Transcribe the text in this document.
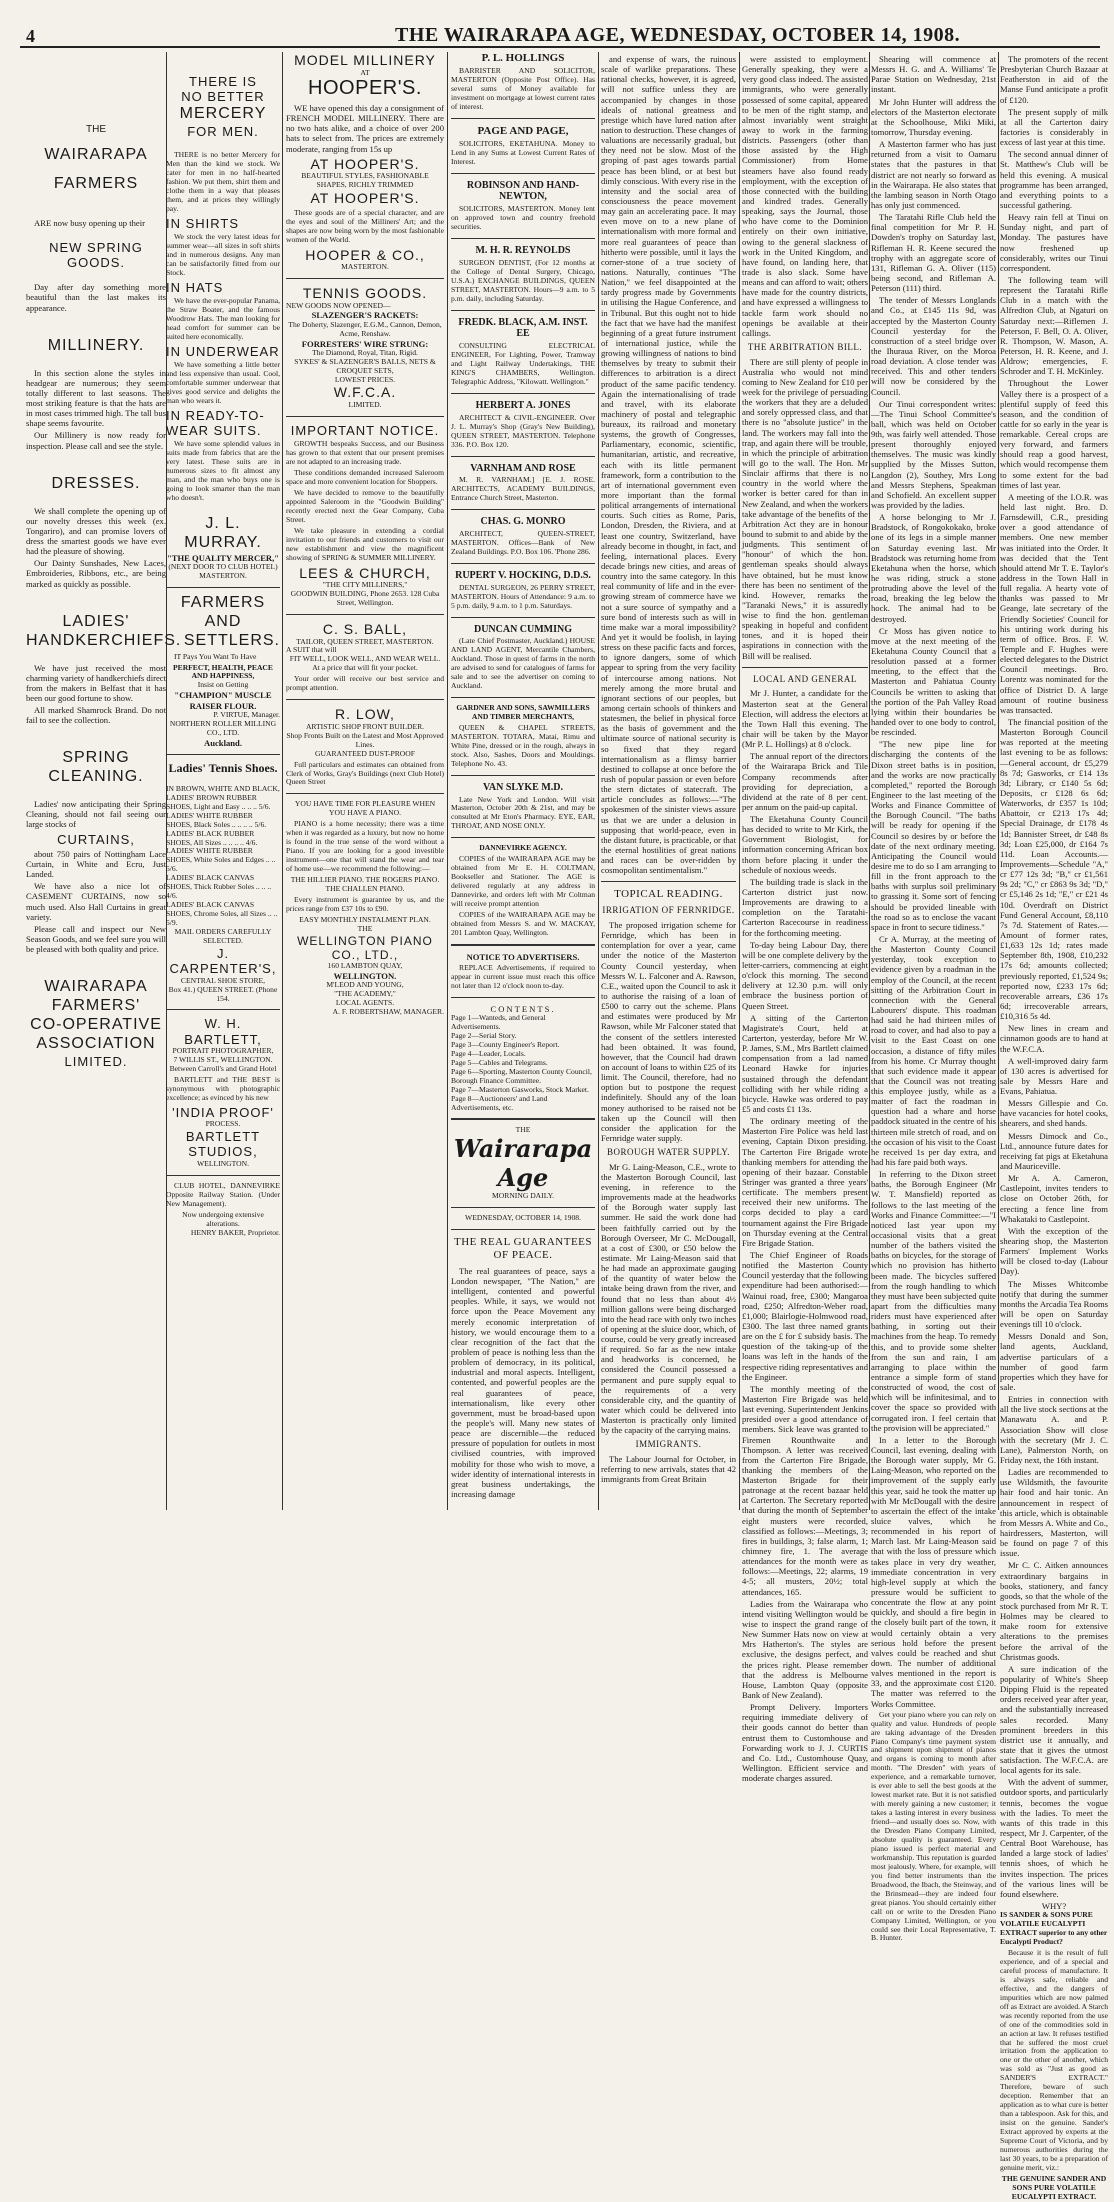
4	THE WAIRARAPA AGE, WEDNESDAY, OCTOBER 14, 1908.
THE
WAIRARAPA
FARMERS

ARE now busy opening up their

NEW SPRING GOODS.

Day after day something more beautiful than the last makes its appearance.

MILLINERY.

In this section alone the styles in headgear are numerous; they seem totally different to last seasons. The most striking feature is that the hats are in most cases trimmed high. The tall bus shape seems favourite.

Our Millinery is now ready for inspection. Please call and see the style.

DRESSES.

We shall complete the opening up of our novelty dresses this week (ex. Tongariro), and can promise lovers of dress the smartest goods we have ever had the pleasure of showing.

Our Dainty Sunshades, New Laces, Embroideries, Ribbons, etc., are being marked as quickly as possible.

LADIES'
HANDKERCHIEFS.

We have just received the most charming variety of handkerchiefs direct from the makers in Belfast that it has been our good fortune to show.

All marked Shamrock Brand. Do not fail to see the collection.

SPRING CLEANING.

Ladies' now anticipating their Spring Cleaning, should not fail seeing our large stocks of

CURTAINS,

about 750 pairs of Nottingham Lace Curtain, in White and Ecru, Just Landed.

We have also a nice lot of CASEMENT CURTAINS, now so much used. Also Hall Curtains in great variety.

Please call and inspect our New Season Goods, and we feel sure you will be pleased with both quality and price.

WAIRARAPA
FARMERS'
CO-OPERATIVE
ASSOCIATION
LIMITED.
THERE IS
NO BETTER
MERCERY
FOR MEN.

THERE is no better Mercery for Men than the kind we stock. We cater for men in no half-hearted fashion. We put them, shirt them and clothe them in a way that pleases them, and at prices they willingly pay.

IN SHIRTS

We stock the very latest ideas for summer wear—all sizes in soft shirts and in numerous designs. Any man can be satisfactorily fitted from our Stock.

IN HATS

We have the ever-popular Panama, the Straw Boater, and the famous Woodrow Hats. The man looking for head comfort for summer can be suited here economically.

IN UNDERWEAR

We have something a little better and less expensive than usual. Cool, comfortable summer underwear that gives good service and delights the man who wears it.

IN READY-TO-WEAR SUITS.

We have some splendid values in suits made from fabrics that are the very latest. These suits are in numerous sizes to fit almost any man, and the man who buys one is going to look smarter than the man who doesn't.

J. L. MURRAY.
"THE QUALITY MERCER,"
(NEXT DOOR TO CLUB HOTEL)
MASTERTON.
FARMERS AND
SETTLERS.

IT Pays You Want To Have

PERFECT, HEALTH, PEACE AND HAPPINESS,
Insist on Getting
"CHAMPION" MUSCLE RAISER FLOUR.
P. VIRTUE, Manager.
NORTHERN ROLLER MILLING CO., LTD.
Auckland.
Ladies' Tennis Shoes.
IN BROWN, WHITE AND BLACK,
LADIES' BROWN RUBBER SHOES, Light and Easy .. .. .. 5/6.
LADIES' WHITE RUBBER SHOES, Black Soles .. .. .. .. 5/6.
LADIES' BLACK RUBBER SHOES, All Sizes .. .. .. .. 4/6.
LADIES' WHITE RUBBER SHOES, White Soles and Edges .. .. 5/6.
LADIES' BLACK CANVAS SHOES, Thick Rubber Soles .. .. .. 4/6.
LADIES' BLACK CANVAS SHOES, Chrome Soles, all Sizes .. .. 5/9.
MAIL ORDERS CAREFULLY SELECTED.
J. CARPENTER'S,
CENTRAL SHOE STORE,
Box 41.) QUEEN STREET. (Phone 154.
W. H. BARTLETT,
PORTRAIT PHOTOGRAPHER,
7 WILLIS ST., WELLINGTON.
Between Carroll's and Grand Hotel

BARTLETT and THE BEST is synonymous with photographic excellence; as evinced by his new

'INDIA PROOF'
PROCESS.
BARTLETT
STUDIOS,
WELLINGTON.

CLUB HOTEL, DANNEVIRKE Opposite Railway Station. (Under New Management).

Now undergoing extensive alterations.
HENRY BAKER, Proprietor.
MODEL MILLINERY
AT
HOOPER'S.

WE have opened this day a consignment of FRENCH MODEL MILLINERY. There are no two hats alike, and a choice of over 200 hats to select from. The prices are extremely moderate, ranging from 15s up

AT HOOPER'S.
BEAUTIFUL STYLES, FASHIONABLE SHAPES, RICHLY TRIMMED
AT HOOPER'S.

These goods are of a special character, and are the eyes and soul of the Milliners' Art; and the shapes are now being worn by the most fashionable women of the World.

HOOPER & CO.,
MASTERTON.
TENNIS GOODS.
NEW GOODS NOW OPENED—
SLAZENGER'S RACKETS:
The Doherty, Slazenger, E.G.M., Cannon, Demon, Acme, Renshaw.
FORRESTERS' WIRE STRUNG:
The Diamond, Royal, Titan, Rigid.
SYKES' & SLAZENGER'S BALLS, NETS & CROQUET SETS,
LOWEST PRICES.
W.F.C.A.
LIMITED.
IMPORTANT NOTICE.

GROWTH bespeaks Success, and our Business has grown to that extent that our present premises are not adapted to an increasing trade.

These conditions demanded increased Saleroom space and more convenient location for Shoppers.

We have decided to remove to the beautifully appointed Saleroom in the "Goodwin Building" recently erected next the Gear Company, Cuba Street.

We take pleasure in extending a cordial invitation to our friends and customers to visit our new establishment and view the magnificent showing of SPRING & SUMMER MILLINERY.

LEES & CHURCH,
"THE CITY MILLINERS,"
GOODWIN BUILDING, Phone 2653. 128 Cuba Street, Wellington.
C. S. BALL,
TAILOR, QUEEN STREET, MASTERTON.
A SUIT that will
FIT WELL, LOOK WELL, AND WEAR WELL.
At a price that will fit your pocket.

Your order will receive our best service and prompt attention.

R. LOW,
ARTISTIC SHOP FRONT BUILDER.
Shop Fronts Built on the Latest and Most Approved Lines.
GUARANTEED DUST-PROOF

Full particulars and estimates can obtained from Clerk of Works, Gray's Buildings (next Club Hotel) Queen Street

YOU HAVE TIME FOR PLEASURE WHEN YOU HAVE A PIANO.

PIANO is a home necessity; there was a time when it was regarded as a luxury, but now no home is found in the true sense of the word without a Piano. If you are looking for a good investible instrument—one that will stand the wear and tear of home use—we recommend the following:—

THE HILLIER PIANO. THE ROGERS PIANO. THE CHALLEN PIANO.

Every instrument is guarantee by us, and the prices range from £37 10s to £90.

EASY MONTHLY INSTALMENT PLAN.
THE
WELLINGTON PIANO CO., LTD.,
160 LAMBTON QUAY,
WELLINGTON.
M'LEOD AND YOUNG,
"THE ACADEMY,"
LOCAL AGENTS.
A. F. ROBERTSHAW, MANAGER.
P. L. HOLLINGS

BARRISTER AND SOLICITOR, MASTERTON (Opposite Post Office). Has several sums of Money available for investment on mortgage at lowest current rates of interest.

PAGE AND PAGE,

SOLICITORS, EKETAHUNA. Money to Lend in any Sums at Lowest Current Rates of Interest.

ROBINSON AND HAND-NEWTON,

SOLICITORS, MASTERTON. Money lent on approved town and country freehold securities.

M. H. R. REYNOLDS

SURGEON DENTIST, (For 12 months at the College of Dental Surgery, Chicago, U.S.A.) EXCHANGE BUILDINGS, QUEEN STREET, MASTERTON. Hours—9 a.m. to 5 p.m. daily, including Saturday.

FREDK. BLACK, A.M. INST. EE

CONSULTING ELECTRICAL ENGINEER, For Lighting, Power, Tramway and Light Railway Undertakings, THE KING'S CHAMBERS, Wellington. Telegraphic Address, "Kilowatt. Wellington."

HERBERT A. JONES

ARCHITECT & CIVIL-ENGINEER. Over J. L. Murray's Shop (Gray's New Building), QUEEN STREET, MASTERTON. Telephone 336. P.O. Box 120.

VARNHAM AND ROSE

M. R. VARNHAM.] [E. J. ROSE. ARCHITECTS, ACADEMY BUILDINGS, Entrance Church Street, Masterton.

CHAS. G. MONRO

ARCHITECT, QUEEN-STREET, MASTERTON. Offices—Bank of New Zealand Buildings. P.O. Box 106. 'Phone 286.

RUPERT V. HOCKING, D.D.S.

DENTAL SURGEON, 26 PERRY STREET, MASTERTON. Hours of Attendance: 9 a.m. to 5 p.m. daily, 9 a.m. to 1 p.m. Saturdays.

DUNCAN CUMMING

(Late Chief Postmaster, Auckland.) HOUSE AND LAND AGENT, Mercantile Chambers, Auckland. Those in quest of farms in the north are advised to send for catalogues of farms for sale and to see the advertiser on coming to Auckland.

GARDNER AND SONS, SAWMILLERS AND TIMBER MERCHANTS,

QUEEN & CHAPEL STREETS, MASTERTON. TOTARA, Matai, Rimu and White Pine, dressed or in the rough, always in stock. Also, Sashes, Doors and Mouldings. Telephone No. 43.

VAN SLYKE M.D.

Late New York and London. Will visit Masterton, October 20th & 21st, and may be consulted at Mr Eton's Pharmacy. EYE, EAR, THROAT, AND NOSE ONLY.

DANNEVIRKE AGENCY.

COPIES of the WAIRARAPA AGE may be obtained from Mr E. H. COLTMAN, Bookseller and Stationer. The AGE is delivered regularly at any address in Dannevirke, and orders left with Mr Coltman will receive prompt attention

COPIES of the WAIRARAPA AGE may be obtained from Messrs S. and W. MACKAY, 201 Lambton Quay, Wellington.

NOTICE TO ADVERTISERS.

REPLACE Advertisements, if required to appear in current issue must reach this office not later than 12 o'clock noon to-day.

CONTENTS.
Page 1—Wanteds, and General Advertisements.
Page 2—Serial Story.
Page 3—County Engineer's Report.
Page 4—Leader, Locals.
Page 5—Cables and Telegrams.
Page 6—Sporting, Masterton County Council, Borough Finance Committee.
Page 7—Masterton Gasworks, Stock Market.
Page 8—Auctioneers' and Land Advertisements, etc.
THE
Wairarapa Age
MORNING DAILY.
WEDNESDAY, OCTOBER 14, 1908.
THE REAL GUARANTEES OF PEACE.

The real guarantees of peace, says a London newspaper, "The Nation," are intelligent, contented and powerful peoples. While, it says, we would not force upon the Peace Movement any merely economic interpretation of history, we would encourage them to a clear recognition of the fact that the problem of peace is nothing less than the problem of democracy, in its political, industrial and moral aspects. Intelligent, contented, and powerful peoples are the real guarantees of peace, internationalism, like every other government, must be broad-based upon the people's will. Many new states of peace are discernible—the reduced pressure of population for outlets in most civilised countries, with improved mobility for those who wish to move, a wider identity of international interests in great business undertakings, the increasing damage

and expense of wars, the ruinous scale of warlike preparations. These rational checks, however, it is agreed, will not suffice unless they are accompanied by changes in those ideals of national greatness and prestige which have lured nation after nation to destruction. These changes of valuations are necessarily gradual, but they need not be slow. Most of the groping of past ages towards partial peace has been blind, or at best but dimly conscious. With every rise in the intensity and the social area of consciousness the peace movement may gain an accelerating pace. It may even move on to a new plane of internationalism with more formal and more real guarantees of peace than hitherto were possible, until it lays the corner-stone of a true society of nations. Naturally, continues "The Nation," we feel disappointed at the tardy progress made by Governments in utilising the Hague Conference, and in Tribunal. But this ought not to hide the fact that we have had the manifest beginning of a great future instrument of international justice, while the growing willingness of nations to bind themselves by treaty to submit their differences to arbitration is a direct product of the same pacific tendency. Again the internationalising of trade and travel, with its elaborate machinery of postal and telegraphic bureaux, its railroad and monetary systems, the growth of Congresses, Parliamentary, economic, scientific, humanitarian, artistic, and recreative, each with its little permanent framework, form a contribution to the art of international government even more important than the formal political arrangements of international courts. Such cities as Rome, Paris, London, Dresden, the Riviera, and at least one country, Switzerland, have already become in thought, in fact, and feeling, international places. Every decade brings new cities, and areas of country into the same category. In this real community of life and in the ever-growing stream of commerce have we not a sure source of sympathy and a sure bond of interests such as will in time make war a moral impossibility? And yet it would be foolish, in laying stress on these pacific facts and forces, to ignore dangers, some of which appear to spring from the very facility of intercourse among nations. Not merely among the more brutal and ignorant sections of our peoples, but among certain schools of thinkers and statesmen, the belief in physical force as the basis of government and the ultimate source of national security is so fixed that they regard internationalism as a flimsy barrier destined to collapse at once before the rush of popular passion or even before the stern dictates of statecraft. The article concludes as follows:—"The spokesmen of the sinister views assure us that we are under a delusion in supposing that world-peace, even in the distant future, is practicable, or that the eternal hostilities of great nations and races can be over-ridden by cosmopolitan sentimentalism."

TOPICAL READING.
IRRIGATION OF FERNRIDGE.

The proposed irrigation scheme for Fernridge, which has been in contemplation for over a year, came under the notice of the Masterton County Council yesterday, when Messrs W. L. Falconer and A. Rawson, C.E., waited upon the Council to ask it to authorise the raising of a loan of £500 to carry out the scheme. Plans and estimates were produced by Mr Rawson, while Mr Falconer stated that the consent of the settlers interested had been obtained. It was found, however, that the Council had drawn on account of loans to within £25 of its limit. The Council, therefore, had no option but to postpone the request indefinitely. Should any of the loan money authorised to be raised not be taken up the Council will then consider the application for the Fernridge water supply.

BOROUGH WATER SUPPLY.

Mr G. Laing-Meason, C.E., wrote to the Masterton Borough Council, last evening, in reference to the improvements made at the headworks of the Borough water supply last summer. He said the work done had been faithfully carried out by the Borough Overseer, Mr C. McDougall, at a cost of £300, or £50 below the estimate. Mr Laing-Meason said that he had made an approximate gauging of the quantity of water below the intake being drawn from the river, and found that no less than about 4½ million gallons were being discharged into the head race with only two inches of opening at the sluice door, which, of course, could be very greatly increased if required. So far as the new intake and headworks is concerned, he considered the Council possessed a permanent and pure supply equal to the requirements of a very considerable city, and the quantity of water which could be delivered into Masterton is practically only limited by the capacity of the carrying mains.

IMMIGRANTS.

The Labour Journal for October, in referring to new arrivals, states that 42 immigrants from Great Britain

were assisted to employment. Generally speaking, they were a very good class indeed. The assisted immigrants, who were generally possessed of some capital, appeared to be men of the right stamp, and almost invariably went straight away to work in the farming districts. Passengers (other than those assisted by the High Commissioner) from Home steamers have also found ready employment, with the exception of those connected with the building and kindred trades. Generally speaking, says the Journal, those who have come to the Dominion entirely on their own initiative, owing to the general slackness of work in the United Kingdom, and have found, on landing here, that trade is also slack. Some have means and can afford to wait; others have made for the country districts, and have expressed a willingness to tackle farm work should no openings be available at their callings.

THE ARBITRATION BILL.

There are still plenty of people in Australia who would not mind coming to New Zealand for £10 per week for the privilege of persuading the workers that they are a deluded and sorely oppressed class, and that there is no "absolute justice" in the land. The workers may fall into the trap, and again there will be trouble, in which the principle of arbitration will go to the wall. The Hon. Mr Sinclair affirms that there is no country in the world where the worker is better cared for than in New Zealand, and when the workers take advantage of the benefits of the Arbitration Act they are in honour bound to submit to and abide by the judgments. This sentiment of "honour" of which the hon. gentleman speaks should always have obtained, but he must know there has been no sentiment of the kind. However, remarks the "Taranaki News," it is assuredly wise to find the hon. gentleman speaking in hopeful and confident tones, and it is hoped their aspirations in connection with the Bill will be realised.

LOCAL AND GENERAL

Mr J. Hunter, a candidate for the Masterton seat at the General Election, will address the electors at the Town Hall this evening. The chair will be taken by the Mayor (Mr P. L. Hollings) at 8 o'clock.

The annual report of the directors of the Wairarapa Brick and Tile Company recommends after providing for depreciation, a dividend at the rate of 8 per cent. per annum on the paid-up capital.

The Eketahuna County Council has decided to write to Mr Kirk, the Government Biologist, for information concerning African box thorn before placing it under the schedule of noxious weeds.

The building trade is slack in the Carterton district just now. Improvements are drawing to a completion on the Taratahi-Carterton Racecourse in readiness for the forthcoming meeting.

To-day being Labour Day, there will be one complete delivery by the letter-carriers, commencing at eight o'clock this morning. The second delivery at 12.30 p.m. will only embrace the business portion of Queen Street.

A sitting of the Carterton Magistrate's Court, held at Carterton, yesterday, before Mr W. P. James, S.M., Mrs Bartlett claimed compensation from a lad named Leonard Hawke for injuries sustained through the defendant colliding with her while riding a bicycle. Hawke was ordered to pay £5 and costs £1 13s.

The ordinary meeting of the Masterton Fire Police was held last evening, Captain Dixon presiding. The Carterton Fire Brigade wrote thanking members for attending the opening of their bazaar. Constable Stringer was granted a three years' certificate. The members present received their new uniforms. The corps decided to play a card tournament against the Fire Brigade on Thursday evening at the Central Fire Brigade Station.

The Chief Engineer of Roads notified the Masterton County Council yesterday that the following expenditure had been authorised:—Wainui road, free, £300; Mangaroa road, £250; Alfredton-Weber road, £1,000; Blairlogie-Holmwood road, £300. The last three named grants are on the £ for £ subsidy basis. The question of the taking-up of the loans was left in the hands of the respective riding representatives and the Engineer.

The monthly meeting of the Masterton Fire Brigade was held last evening. Superintendent Jenkins presided over a good attendance of members. Sick leave was granted to Firemen Rounthwaite and Thompson. A letter was received from the Carterton Fire Brigade, thanking the members of the Masterton Brigade for their patronage at the recent bazaar held at Carterton. The Secretary reported that during the month of September eight musters were recorded, classified as follows:—Meetings, 3; fires in buildings, 3; false alarm, 1; chimney fire, 1. The average attendances for the month were as follows:—Meetings, 22; alarms, 19 4-5; all musters, 20½; total attendances, 165.

Ladies from the Wairarapa who intend visiting Wellington would be wise to inspect the grand range of New Summer Hats now on view at Mrs Hatherton's. The styles are exclusive, the designs perfect, and the prices right. Please remember that the address is Melbourne House, Lambton Quay (opposite Bank of New Zealand).

Prompt Delivery. Importers requiring immediate delivery of their goods cannot do better than entrust them to Customhouse and Forwarding work to J. J. CURTIS and Co. Ltd., Customhouse Quay, Wellington. Efficient service and moderate charges assured.

Shearing will commence at Messrs H. G. and A. Williams' Te Parae Station on Wednesday, 21st instant.

Mr John Hunter will address the electors of the Masterton electorate at the Schoolhouse, Miki Miki, tomorrow, Thursday evening.

A Masterton farmer who has just returned from a visit to Oamaru states that the pastures in that district are not nearly so forward as in the Wairarapa. He also states that the lambing season in North Otago has only just commenced.

The Taratahi Rifle Club held the final competition for Mr P. H. Dowden's trophy on Saturday last, Rifleman H. R. Keene secured the trophy with an aggregate score of 131, Rifleman G. A. Oliver (115) being second, and Rifleman A. Peterson (111) third.

The tender of Messrs Longlands and Co., at £145 11s 9d, was accepted by the Masterton County Council yesterday for the construction of a steel bridge over the Ihuraua River, on the Moroa road deviation. A close tender was received. This and other tenders will now be considered by the Council.

Our Tinui correspondent writes:—The Tinui School Committee's ball, which was held on October 9th, was fairly well attended. Those present thoroughly enjoyed themselves. The music was kindly supplied by the Misses Sutton, Langdon (2), Southey, Mrs Long and Messrs Stephens, Speakman and Schofield. An excellent supper was provided by the ladies.

A horse belonging to Mr J. Bradstock, of Rongokokako, broke one of its legs in a simple manner on Saturday evening last. Mr Bradstock was returning home from Eketahuna when the horse, which he was riding, struck a stone protruding above the level of the road, breaking the leg below the hock. The animal had to be destroyed.

Cr Moss has given notice to move at the next meeting of the Eketahuna County Council that a resolution passed at a former meeting, to the effect that the Masterton and Pahiatua County Councils be written to asking that the portion of the Pah Valley Road lying within their boundaries be handed over to one body to control, be rescinded.

"The new pipe line for discharging the contents of the Dixon street baths is in position, and the works are now practically completed," reported the Borough Engineer to the last meeting of the Works and Finance Committee of the Borough Council. "The baths will be ready for opening if the Council so desires by or before the date of the next ordinary meeting. Anticipating the Council would desire me to do so I am arranging to fill in the front approach to the baths with surplus soil preliminary to grassing it. Some sort of fencing should be provided lineable with the road so as to enclose the vacant space in front to secure tidiness."

Cr A. Murray, at the meeting of the Masterton County Council yesterday, took exception to evidence given by a roadman in the employ of the Council, at the recent sitting of the Arbitration Court in connection with the General Labourers' dispute. This roadman had said he had thirteen miles of road to cover, and had also to pay a visit to the East Coast on one occasion, a distance of fifty miles from his home. Cr Murray thought that such evidence made it appear that the Council was not treating this employee justly, while as a matter of fact the roadman in question had a whare and horse paddock situated in the centre of his thirteen mile stretch of road, and on the occasion of his visit to the Coast he received 1s per day extra, and had his fare paid both ways.

In referring to the Dixon street baths, the Borough Engineer (Mr W. T. Mansfield) reported as follows to the last meeting of the Works and Finance Committee:—"I noticed last year upon my occasional visits that a great number of the bathers visited the baths on bicycles, for the storage of which no provision has hitherto been made. The bicycles suffered from the rough handling to which they must have been subjected quite apart from the difficulties many riders must have experienced after bathing, in sorting out their machines from the heap. To remedy this, and to provide some shelter from the sun and rain, I am arranging to place within the entrance a simple form of stand constructed of wood, the cost of which will be infinitesimal, and to cover the space so provided with corrugated iron. I feel certain that the provision will be appreciated."

In a letter to the Borough Council, last evening, dealing with the Borough water supply, Mr G. Laing-Meason, who reported on the improvement of the supply early this year, said he took the matter up with Mr McDougall with the desire to ascertain the effect of the intake sluice valves, which he recommended in his report of March last. Mr Laing-Meason said that with the loss of pressure which takes place in very dry weather, immediate concentration in very high-level supply at which the pressure would be sufficient to concentrate the flow at any point quickly, and should a fire begin in the closely built part of the town, it would certainly obtain a very serious hold before the present valves could be reached and shut down. The number of additional valves mentioned in the report is 33, and the approximate cost £120. The matter was referred to the Works Committee.

Get your piano where you can rely on quality and value. Hundreds of people are taking advantage of the Dresden Piano Company's time payment system and shipment upon shipment of pianos and organs is coming to month after month. "The Dresden" with years of experience, and a remarkable turnover, is ever able to sell the best goods at the lowest market rate. But it is not satisfied with merely gaining a new customer; it takes a lasting interest in every business friend—and usually does so. Now, with the Dresden Piano Company Limited, absolute quality is guaranteed. Every piano issued is perfect material and workmanship. This reputation is guarded most jealously. Where, for example, will you find better instruments than the Broadwood, the Ibach, the Steinway, and the Brinsmead—they are indeed four great pianos. You should certainly either call on or write to the Dresden Piano Company Limited, Wellington, or you could see their Local Representative, T. B. Hunter.

The promoters of the recent Presbyterian Church Bazaar at Featherston in aid of the Manse Fund anticipate a profit of £120.

The present supply of milk at all the Carterton dairy factories is considerably in excess of last year at this time.

The second annual dinner of St. Matthew's Club will be held this evening. A musical programme has been arranged, and everything points to a successful gathering.

Heavy rain fell at Tinui on Sunday night, and part of Monday. The pastures have now freshened up considerably, writes our Tinui correspondent.

The following team will represent the Taratahi Rifle Club in a match with the Alfredton Club, at Ngaturi on Saturday next:—Riflemen J. Peterson, F. Bell, O. A. Oliver, R. Thompson, W. Mason, A. Peterson, H. R. Keene, and J. Aldrow; emergencies, F. Schroder and T. H. McKinley.

Throughout the Lower Valley there is a prospect of a plentiful supply of feed this season, and the condition of cattle for so early in the year is remarkable. Cereal crops are very forward, and farmers should reap a good harvest, which would recompense them to some extent for the bad times of last year.

A meeting of the I.O.R. was held last night. Bro. D. Farnsdewill, C.R., presiding over a good attendance of members. One new member was initiated into the Order. It was decided that the Tent should attend Mr T. E. Taylor's address in the Town Hall in full regalia. A hearty vote of thanks was passed to Mr Geange, late secretary of the Friendly Societies' Council for his untiring work during his term of office. Bros. F. W. Temple and F. Hughes were elected delegates to the District Council meetings. Bro. Lorentz was nominated for the office of District D. A large amount of routine business was transacted.

The financial position of the Masterton Borough Council was reported at the meeting last evening to be as follows:—General account, dr £5,279 8s 7d; Gasworks, cr £14 13s 3d; Library, cr £140 5s 6d; Deposits, cr £128 6s 6d; Waterworks, dr £357 1s 10d; Abattoir, cr £213 17s 4d; Special Drainage, dr £178 4s 1d; Bannister Street, dr £48 8s 3d; Loan £25,000, dr £164 7s 11d. Loan Accounts.—Improvements—Schedule "A," cr £77 12s 3d; "B," cr £1,561 9s 2d; "C," cr £863 9s 3d; "D," cr £5,146 2s 1d; "E," cr £21 4s 10d. Overdraft on District Fund General Account, £8,110 7s 7d. Statement of Rates.—Amount of former rates, £1,633 12s 1d; rates made September 8th, 1908, £10,232 17s 6d; amounts collected; previously reported, £1,524 9s; reported now, £233 17s 6d; recoverable arrears, £36 17s 6d; irrecoverable arrears, £10,316 5s 4d.

New lines in cream and cinnamon goods are to hand at the W.F.C.A.

A well-improved dairy farm of 130 acres is advertised for sale by Messrs Hare and Evans, Pahiatua.

Messrs Gillespie and Co. have vacancies for hotel cooks, shearers, and shed hands.

Messrs Dimock and Co., Ltd., announce future dates for receiving fat pigs at Eketahuna and Mauriceville.

Mr A. A. Cameron, Castlepoint, invites tenders to close on October 26th, for erecting a fence line from Whakataki to Castlepoint.

With the exception of the shearing shop, the Masterton Farmers' Implement Works will be closed to-day (Labour Day).

The Misses Whitcombe notify that during the summer months the Arcadia Tea Rooms will be open on Saturday evenings till 10 o'clock.

Messrs Donald and Son, land agents, Auckland, advertise particulars of a number of good farm properties which they have for sale.

Entries in connection with all the live stock sections at the Manawatu A. and P. Association Show will close with the secretary (Mr J. C. Lane), Palmerston North, on Friday next, the 16th instant.

Ladies are recommended to use Wildsmith, the favourite hair food and hair tonic. An announcement in respect of this article, which is obtainable from Messrs A. White and Co., hairdressers, Masterton, will be found on page 7 of this issue.

Mr C. C. Aitken announces extraordinary bargains in books, stationery, and fancy goods, so that the whole of the stock purchased from Mr R. T. Holmes may be cleared to make room for extensive alterations to the premises before the arrival of the Christmas goods.

A sure indication of the popularity of White's Sheep Dipping Fluid is the repeated orders received year after year, and the substantially increased sales recorded. Many prominent breeders in this district use it annually, and state that it gives the utmost satisfaction. The W.F.C.A. are local agents for its sale.

With the advent of summer, outdoor sports, and particularly tennis, becomes the vogue with the ladies. To meet the wants of this trade in this respect, Mr J. Carpenter, of the Central Boot Warehouse, has landed a large stock of ladies' tennis shoes, of which he invites inspection. The prices of the various lines will be found elsewhere.

WHY?
IS SANDER & SONS PURE VOLATILE EUCALYPTI EXTRACT superior to any other Eucalypti Product?

Because it is the result of full experience, and of a special and careful process of manufacture. It is always safe, reliable and effective, and the dangers of impurities which are now palmed off as Extract are avoided. A Starch was recently reported from the use of one of the commodities sold in an action at law. It refuses testified that he suffered the most cruel irritation from the application to one or the other of another, which was sold as "Just as good as SANDER'S EXTRACT." Therefore, beware of such deception. Remember that an application as to what cure is better than a tablespoon. Ask for this, and insist on the genuine. Sander's Extract approved by experts at the Supreme Court of Victoria, and by numerous authorities during the last 30 years, to be a preparation of genuine merit, viz.:

THE GENUINE SANDER AND SONS PURE VOLATILE EUCALYPTI EXTRACT.
